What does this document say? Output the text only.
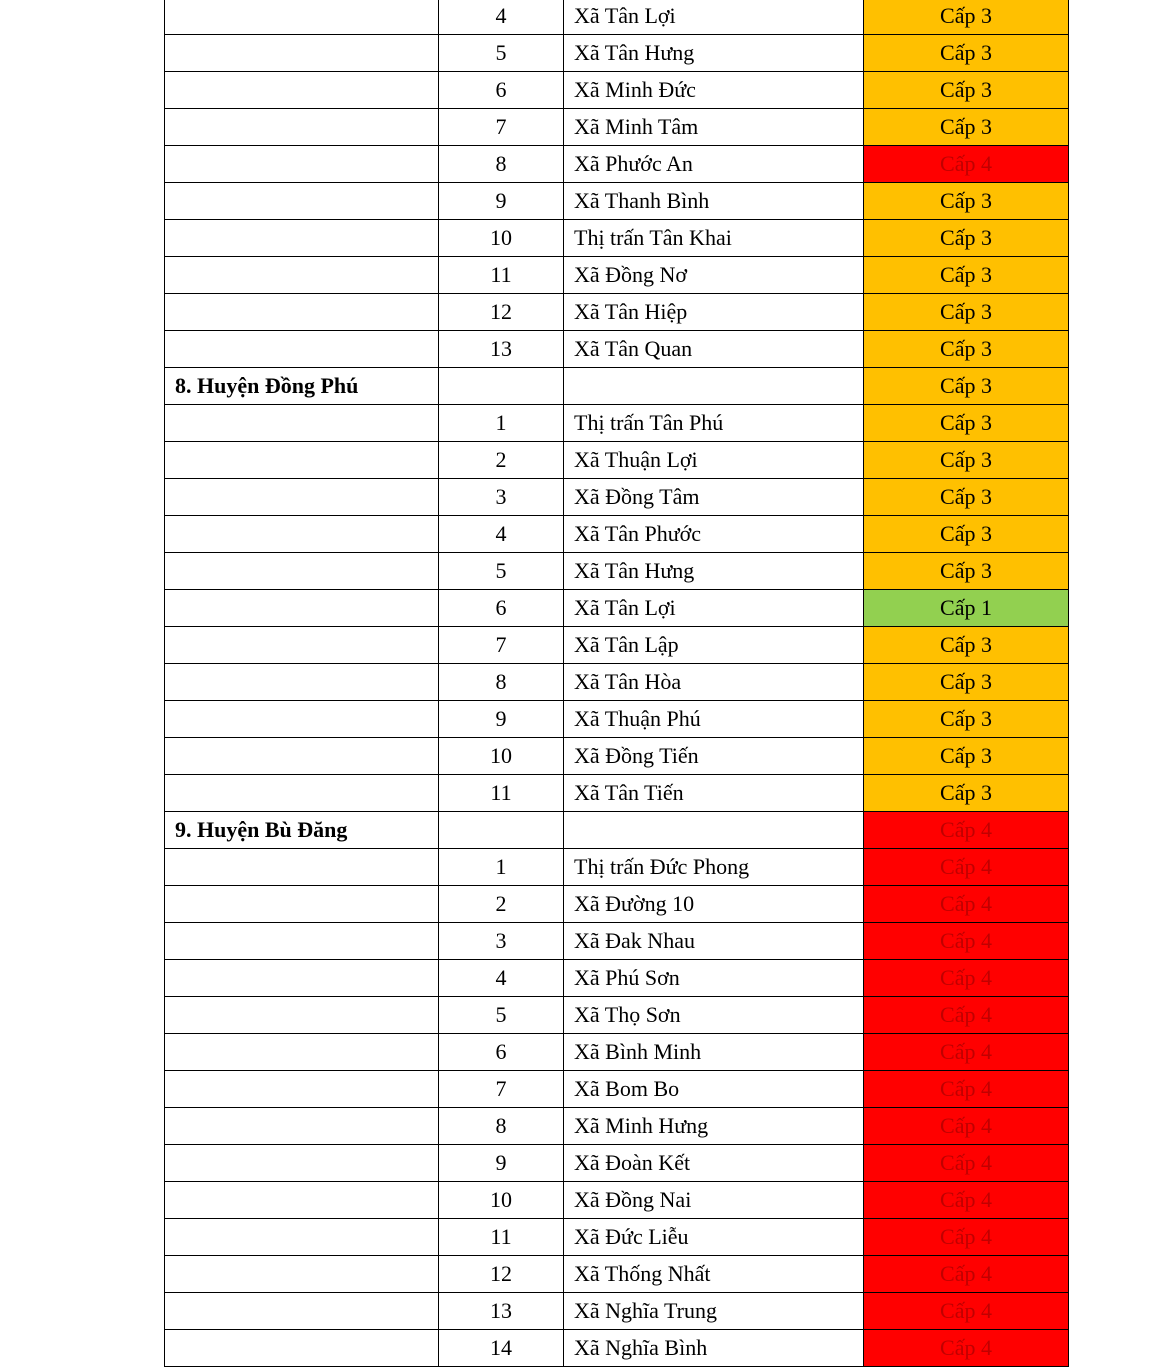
	4	Xã Tân Lợi	Cấp 3
	5	Xã Tân Hưng	Cấp 3
	6	Xã Minh Đức	Cấp 3
	7	Xã Minh Tâm	Cấp 3
	8	Xã Phước An	Cấp 4
	9	Xã Thanh Bình	Cấp 3
	10	Thị trấn Tân Khai	Cấp 3
	11	Xã Đồng Nơ	Cấp 3
	12	Xã Tân Hiệp	Cấp 3
	13	Xã Tân Quan	Cấp 3
8. Huyện Đồng Phú			Cấp 3
	1	Thị trấn Tân Phú	Cấp 3
	2	Xã Thuận Lợi	Cấp 3
	3	Xã Đồng Tâm	Cấp 3
	4	Xã Tân Phước	Cấp 3
	5	Xã Tân Hưng	Cấp 3
	6	Xã Tân Lợi	Cấp 1
	7	Xã Tân Lập	Cấp 3
	8	Xã Tân Hòa	Cấp 3
	9	Xã Thuận Phú	Cấp 3
	10	Xã Đồng Tiến	Cấp 3
	11	Xã Tân Tiến	Cấp 3
9. Huyện Bù Đăng			Cấp 4
	1	Thị trấn Đức Phong	Cấp 4
	2	Xã Đường 10	Cấp 4
	3	Xã Đak Nhau	Cấp 4
	4	Xã Phú Sơn	Cấp 4
	5	Xã Thọ Sơn	Cấp 4
	6	Xã Bình Minh	Cấp 4
	7	Xã Bom Bo	Cấp 4
	8	Xã Minh Hưng	Cấp 4
	9	Xã Đoàn Kết	Cấp 4
	10	Xã Đồng Nai	Cấp 4
	11	Xã Đức Liễu	Cấp 4
	12	Xã Thống Nhất	Cấp 4
	13	Xã Nghĩa Trung	Cấp 4
	14	Xã Nghĩa Bình	Cấp 4
